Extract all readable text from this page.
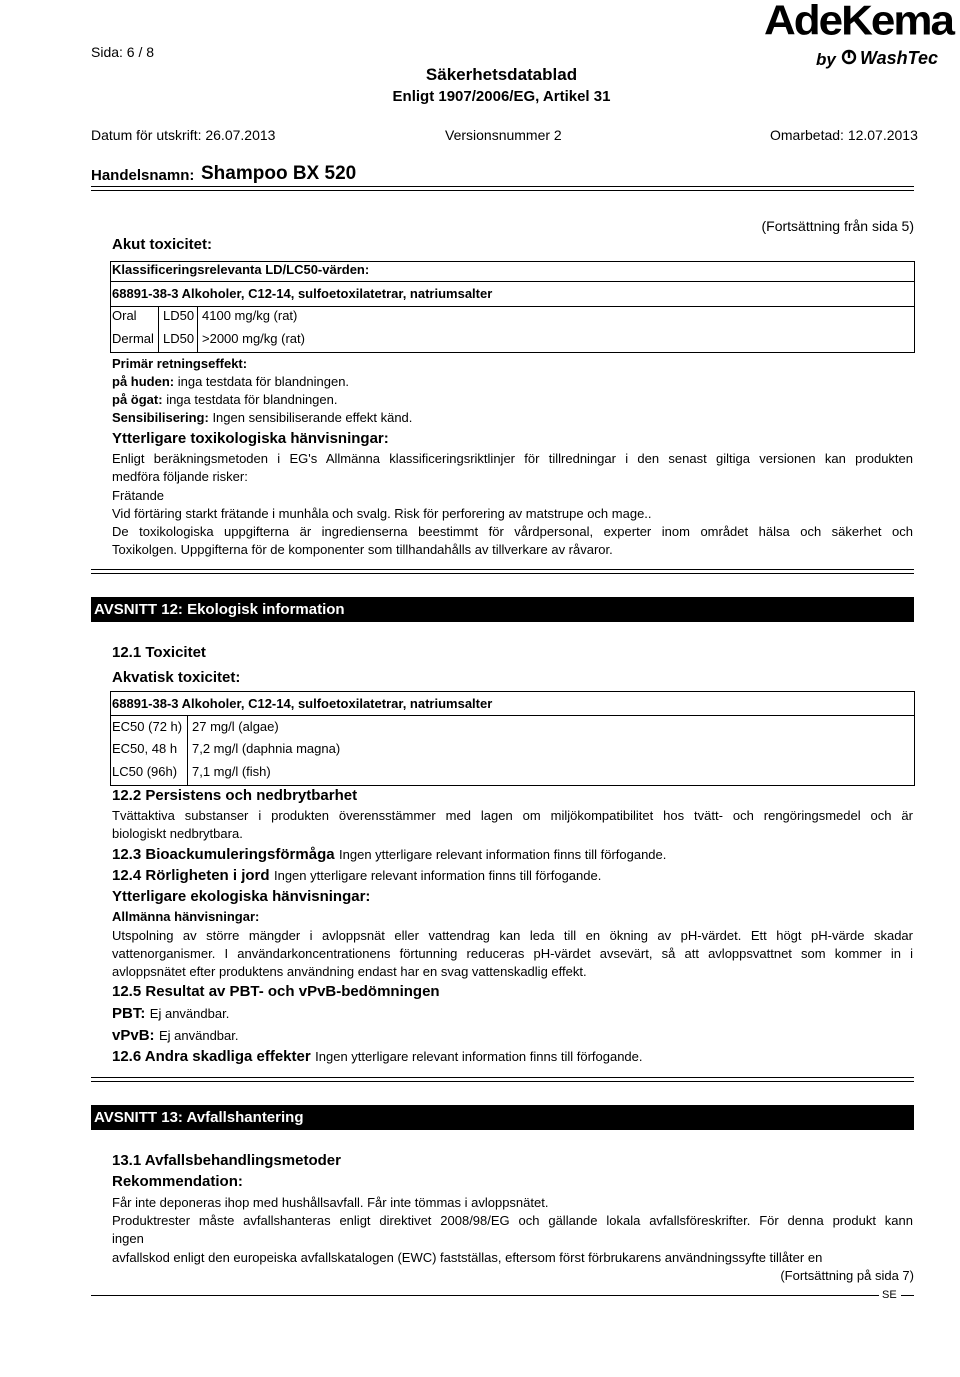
Sida: 6 / 8
Säkerhetsdatablad
Enligt 1907/2006/EG, Artikel 31
AdeKema
by WashTec
Datum för utskrift: 26.07.2013	Versionsnummer 2	Omarbetad: 12.07.2013
Handelsnamn: Shampoo BX 520
(Fortsättning från sida 5)
Akut toxicitet:
Klassificeringsrelevanta LD/LC50-värden:
68891-38-3 Alkoholer, C12-14, sulfoetoxilatetrar, natriumsalter
Oral LD50 4100 mg/kg (rat)
Dermal LD50 >2000 mg/kg (rat)
Primär retningseffekt:
på huden: inga testdata för blandningen.
på ögat: inga testdata för blandningen.
Sensibilisering: Ingen sensibiliserande effekt känd.
Ytterligare toxikologiska hänvisningar:
Enligt beräkningsmetoden i EG's Allmänna klassificeringsriktlinjer för tillredningar i den senast giltiga versionen kan produkten
medföra följande risker:
Frätande
Vid förtäring starkt frätande i munhåla och svalg. Risk för perforering av matstrupe och mage..
De toxikologiska uppgifterna är ingredienserna beestimmt för vårdpersonal, experter inom området hälsa och säkerhet och
Toxikolgen. Uppgifterna för de komponenter som tillhandahålls av tillverkare av råvaror.
AVSNITT 12: Ekologisk information
12.1 Toxicitet
Akvatisk toxicitet:
68891-38-3 Alkoholer, C12-14, sulfoetoxilatetrar, natriumsalter
EC50 (72 h) 27 mg/l (algae)
EC50, 48 h 7,2 mg/l (daphnia magna)
LC50 (96h) 7,1 mg/l (fish)
12.2 Persistens och nedbrytbarhet
Tvättaktiva substanser i produkten överensstämmer med lagen om miljökompatibilitet hos tvätt- och rengöringsmedel och är
biologiskt nedbrytbara.
12.3 Bioackumuleringsförmåga Ingen ytterligare relevant information finns till förfogande.
12.4 Rörligheten i jord Ingen ytterligare relevant information finns till förfogande.
Ytterligare ekologiska hänvisningar:
Allmänna hänvisningar:
Utspolning av större mängder i avloppsnät eller vattendrag kan leda till en ökning av pH-värdet. Ett högt pH-värde skadar
vattenorganismer. I användarkoncentrationens förtunning reduceras pH-värdet avsevärt, så att avloppsvattnet som kommer in i
avloppsnätet efter produktens användning endast har en svag vattenskadlig effekt.
12.5 Resultat av PBT- och vPvB-bedömningen
PBT: Ej användbar.
vPvB: Ej användbar.
12.6 Andra skadliga effekter Ingen ytterligare relevant information finns till förfogande.
AVSNITT 13: Avfallshantering
13.1 Avfallsbehandlingsmetoder
Rekommendation:
Får inte deponeras ihop med hushållsavfall. Får inte tömmas i avloppsnätet.
Produktrester måste avfallshanteras enligt direktivet 2008/98/EG och gällande lokala avfallsföreskrifter. För denna produkt kann
ingen
avfallskod enligt den europeiska avfallskatalogen (EWC) fastställas, eftersom först förbrukarens användningssyfte tillåter en
(Fortsättning på sida 7)
SE
